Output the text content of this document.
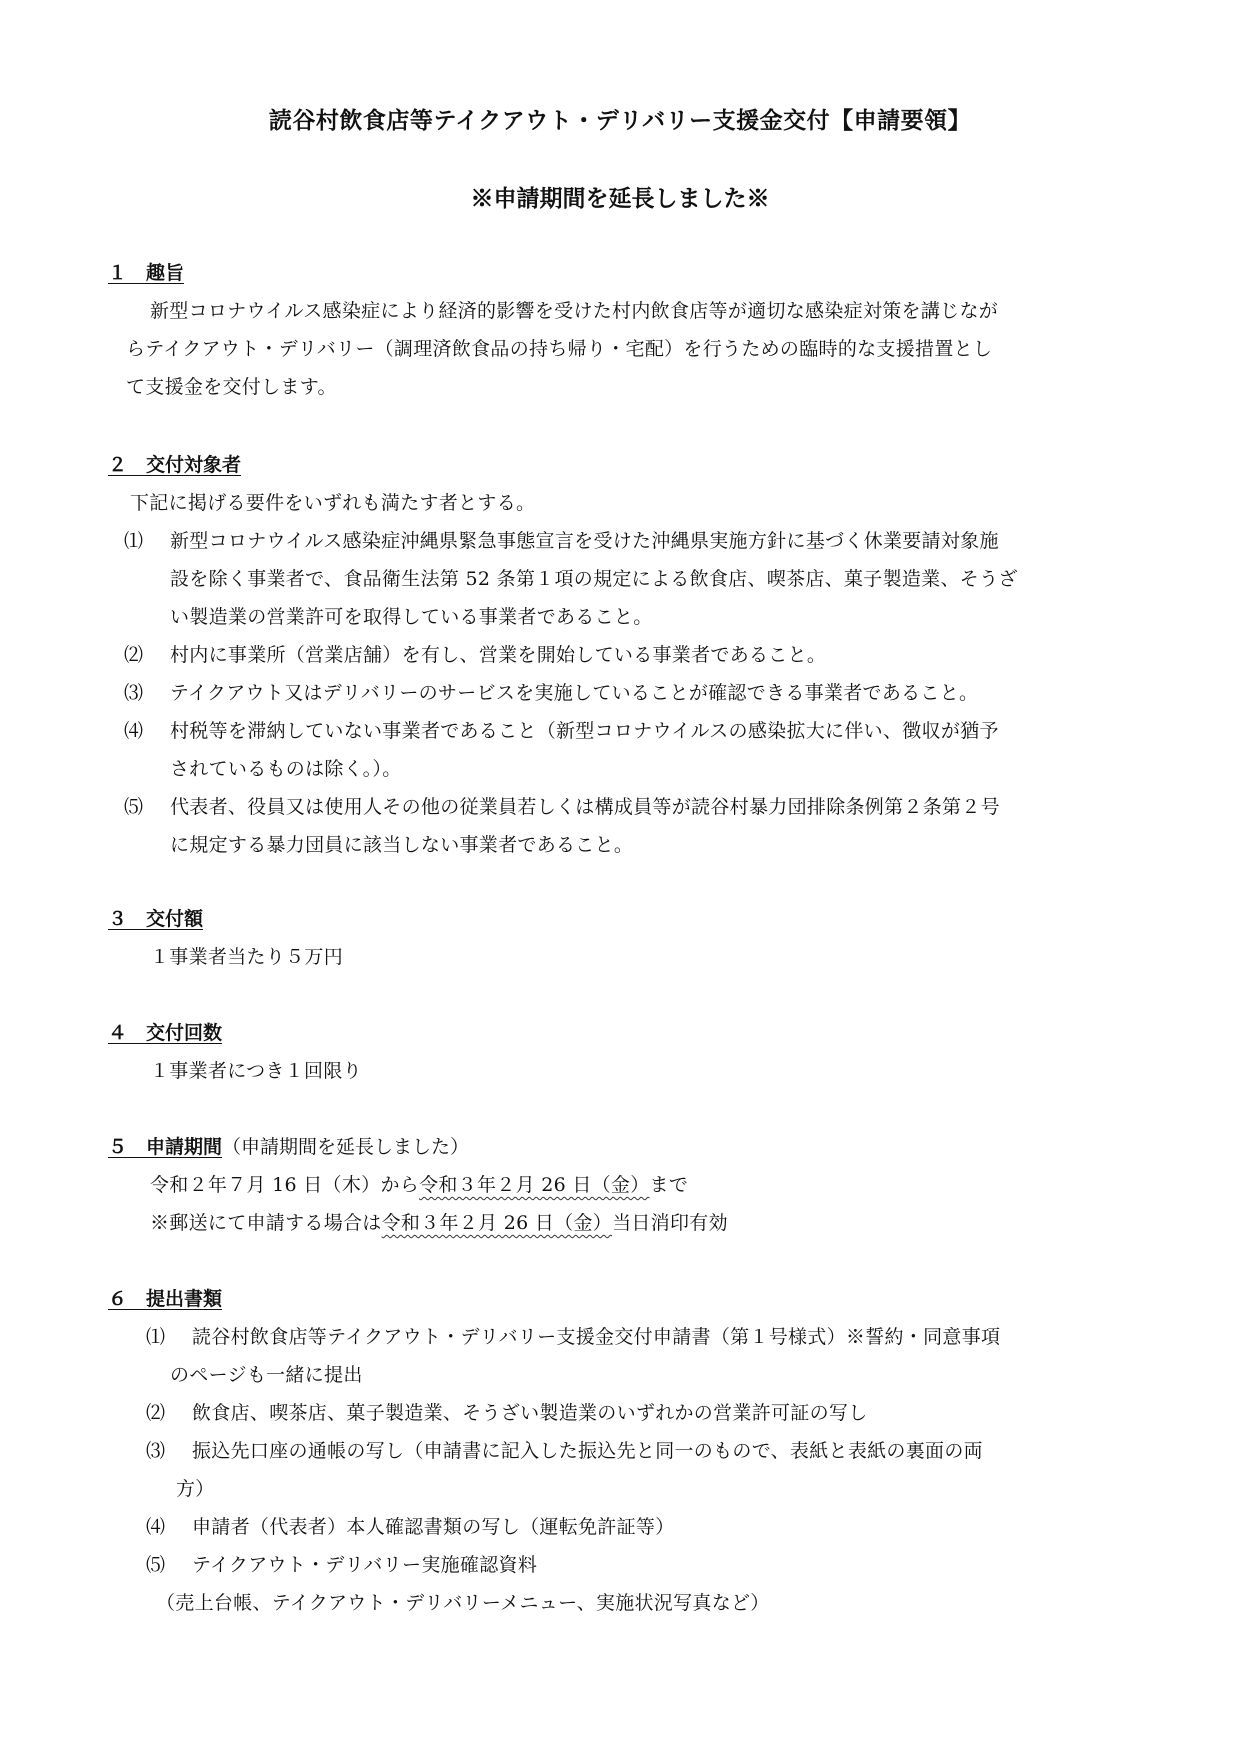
読谷村飲食店等テイクアウト・デリバリー支援金交付【申請要領】
※申請期間を延長しました※
１　趣旨
新型コロナウイルス感染症により経済的影響を受けた村内飲食店等が適切な感染症対策を講じなが
らテイクアウト・デリバリー（調理済飲食品の持ち帰り・宅配）を行うための臨時的な支援措置とし
て支援金を交付します。
２　交付対象者
下記に掲げる要件をいずれも満たす者とする。
⑴ 新型コロナウイルス感染症沖縄県緊急事態宣言を受けた沖縄県実施方針に基づく休業要請対象施
設を除く事業者で、食品衛生法第 52 条第１項の規定による飲食店、喫茶店、菓子製造業、そうざ
い製造業の営業許可を取得している事業者であること。
⑵ 村内に事業所（営業店舗）を有し、営業を開始している事業者であること。
⑶ テイクアウト又はデリバリーのサービスを実施していることが確認できる事業者であること。
⑷ 村税等を滞納していない事業者であること（新型コロナウイルスの感染拡大に伴い、徴収が猶予
されているものは除く。）。
⑸ 代表者、役員又は使用人その他の従業員若しくは構成員等が読谷村暴力団排除条例第２条第２号
に規定する暴力団員に該当しない事業者であること。
３　交付額
１事業者当たり５万円
４　交付回数
１事業者につき１回限り
５　申請期間（申請期間を延長しました）
令和２年７月 16 日（木）から令和３年２月 26 日（金）まで
※郵送にて申請する場合は令和３年２月 26 日（金）当日消印有効
６　提出書類
⑴ 読谷村飲食店等テイクアウト・デリバリー支援金交付申請書（第１号様式）※誓約・同意事項
のページも一緒に提出
⑵ 飲食店、喫茶店、菓子製造業、そうざい製造業のいずれかの営業許可証の写し
⑶ 振込先口座の通帳の写し（申請書に記入した振込先と同一のもので、表紙と表紙の裏面の両
方）
⑷ 申請者（代表者）本人確認書類の写し（運転免許証等）
⑸ テイクアウト・デリバリー実施確認資料
（売上台帳、テイクアウト・デリバリーメニュー、実施状況写真など）
